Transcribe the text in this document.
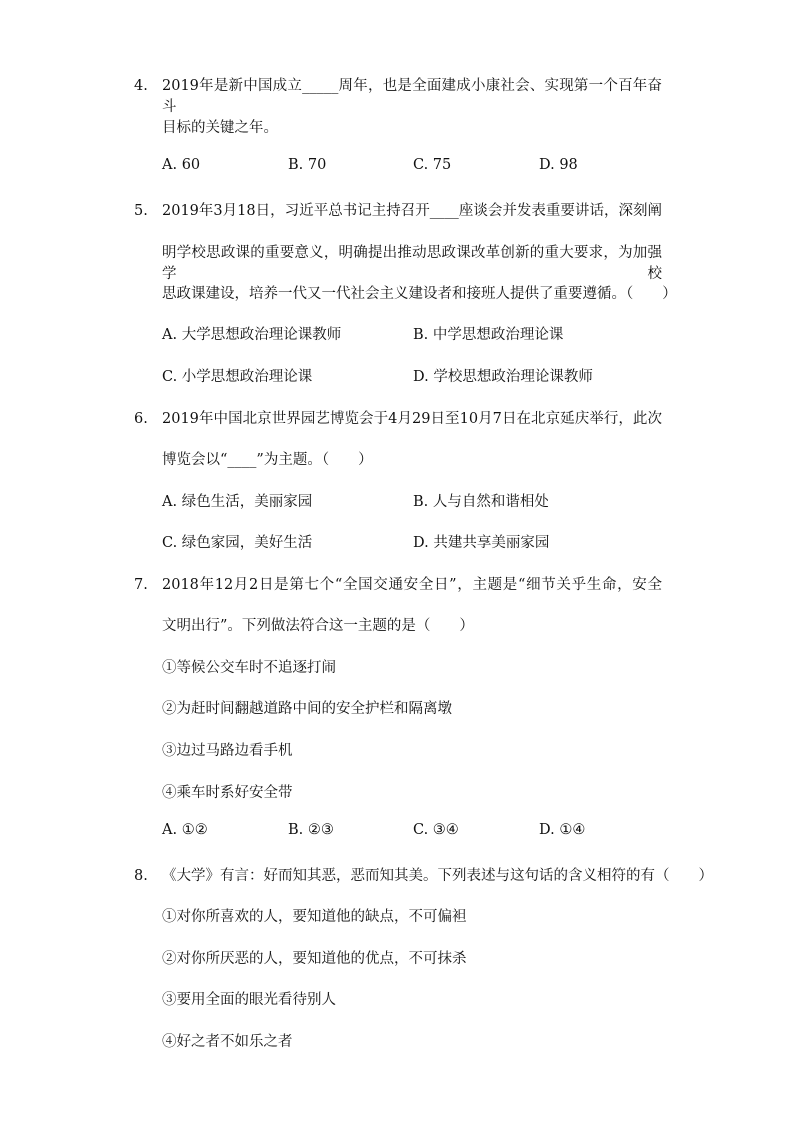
4. 2019年是新中国成立_____周年，也是全面建成小康社会、实现第一个百年奋斗
目标的关键之年。
A. 60	B. 70	C. 75	D. 98
5. 2019年3月18日，习近平总书记主持召开____座谈会并发表重要讲话，深刻阐
明学校思政课的重要意义，明确提出推动思政课改革创新的重大要求，为加强学校
思政课建设，培养一代又一代社会主义建设者和接班人提供了重要遵循。（　　）
A. 大学思想政治理论课教师	B. 中学思想政治理论课
C. 小学思想政治理论课	D. 学校思想政治理论课教师
6. 2019年中国北京世界园艺博览会于4月29日至10月7日在北京延庆举行，此次
博览会以“____”为主题。（　　）
A. 绿色生活，美丽家园	B. 人与自然和谐相处
C. 绿色家园，美好生活	D. 共建共享美丽家园
7. 2018年12月2日是第七个“全国交通安全日”，主题是“细节关乎生命，安全
文明出行”。下列做法符合这一主题的是（　　）
①等候公交车时不追逐打闹
②为赶时间翻越道路中间的安全护栏和隔离墩
③边过马路边看手机
④乘车时系好安全带
A. ①②	B. ②③	C. ③④	D. ①④
8. 《大学》有言：好而知其恶，恶而知其美。下列表述与这句话的含义相符的有（　　）
①对你所喜欢的人，要知道他的缺点，不可偏袒
②对你所厌恶的人，要知道他的优点，不可抹杀
③要用全面的眼光看待别人
④好之者不如乐之者
